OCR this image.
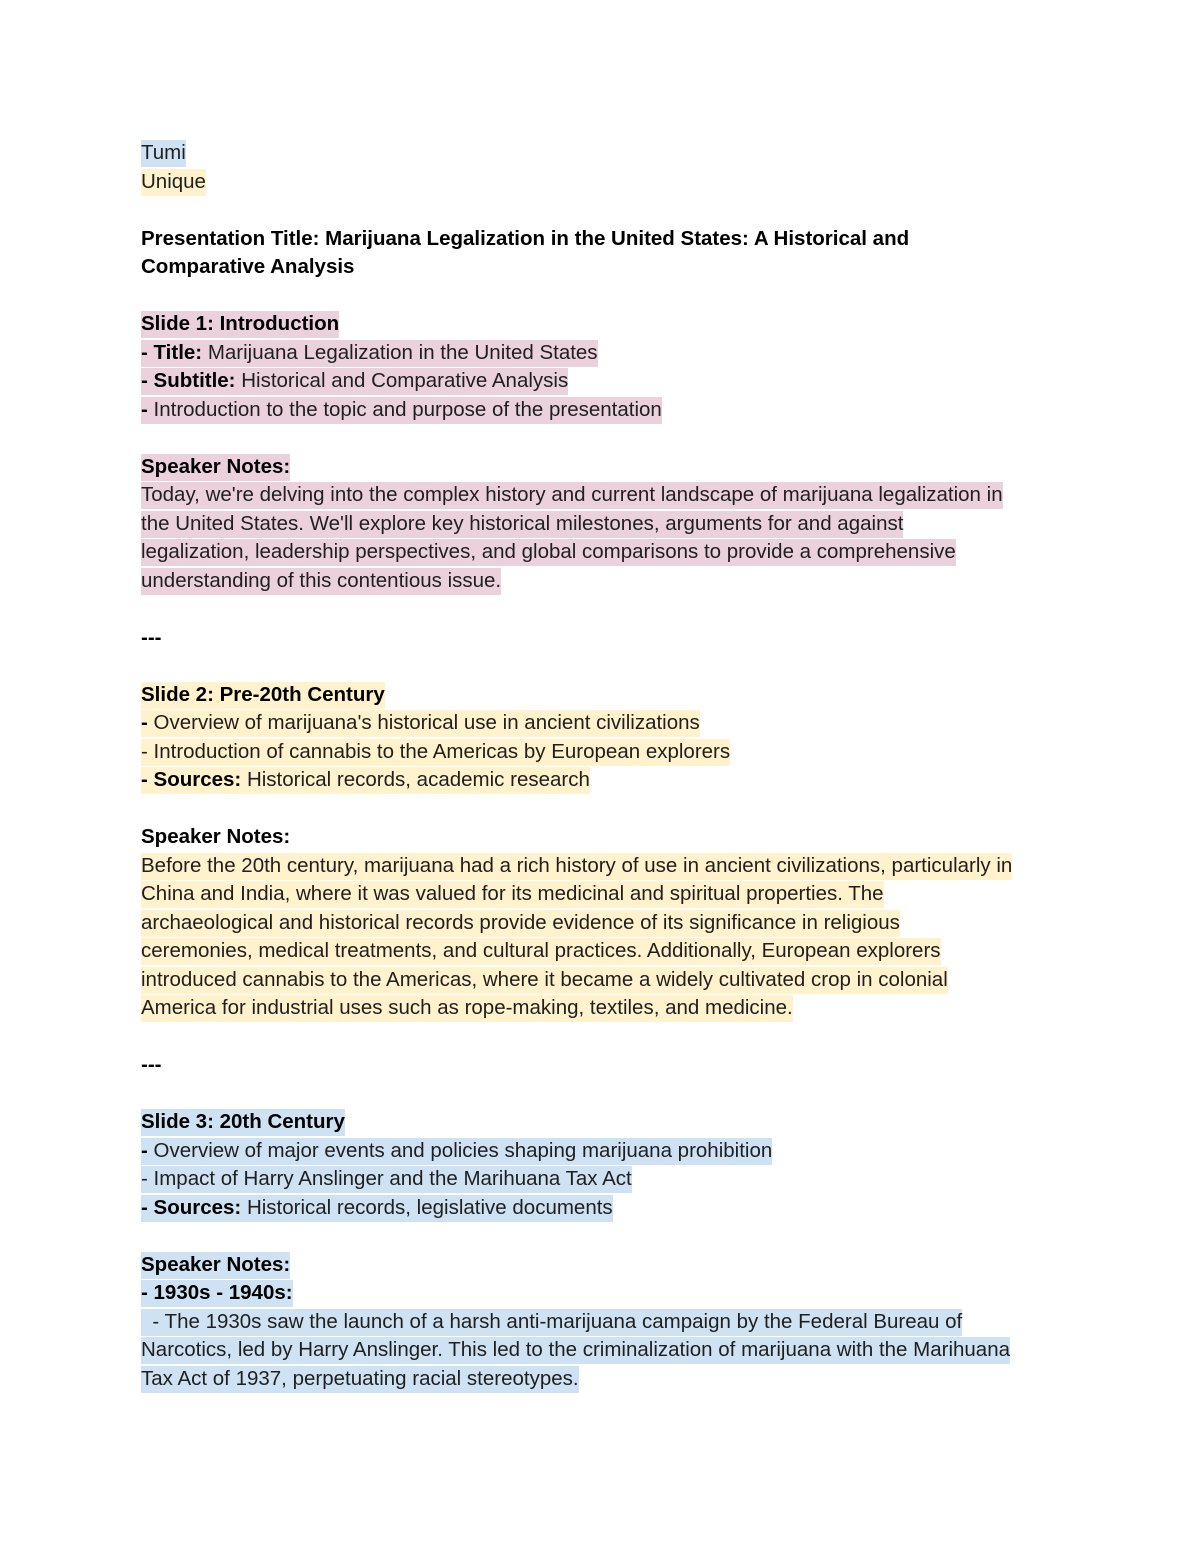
Tumi
Unique
Presentation Title: Marijuana Legalization in the United States: A Historical and
Comparative Analysis
Slide 1: Introduction
- Title: Marijuana Legalization in the United States
- Subtitle: Historical and Comparative Analysis
- Introduction to the topic and purpose of the presentation
Speaker Notes:
Today, we're delving into the complex history and current landscape of marijuana legalization in
the United States. We'll explore key historical milestones, arguments for and against
legalization, leadership perspectives, and global comparisons to provide a comprehensive
understanding of this contentious issue.
---
Slide 2: Pre-20th Century
- Overview of marijuana's historical use in ancient civilizations
- Introduction of cannabis to the Americas by European explorers
- Sources: Historical records, academic research
Speaker Notes:
Before the 20th century, marijuana had a rich history of use in ancient civilizations, particularly in
China and India, where it was valued for its medicinal and spiritual properties. The
archaeological and historical records provide evidence of its significance in religious
ceremonies, medical treatments, and cultural practices. Additionally, European explorers
introduced cannabis to the Americas, where it became a widely cultivated crop in colonial
America for industrial uses such as rope-making, textiles, and medicine.
---
Slide 3: 20th Century
- Overview of major events and policies shaping marijuana prohibition
- Impact of Harry Anslinger and the Marihuana Tax Act
- Sources: Historical records, legislative documents
Speaker Notes:
- 1930s - 1940s:
- The 1930s saw the launch of a harsh anti-marijuana campaign by the Federal Bureau of
Narcotics, led by Harry Anslinger. This led to the criminalization of marijuana with the Marihuana
Tax Act of 1937, perpetuating racial stereotypes.
